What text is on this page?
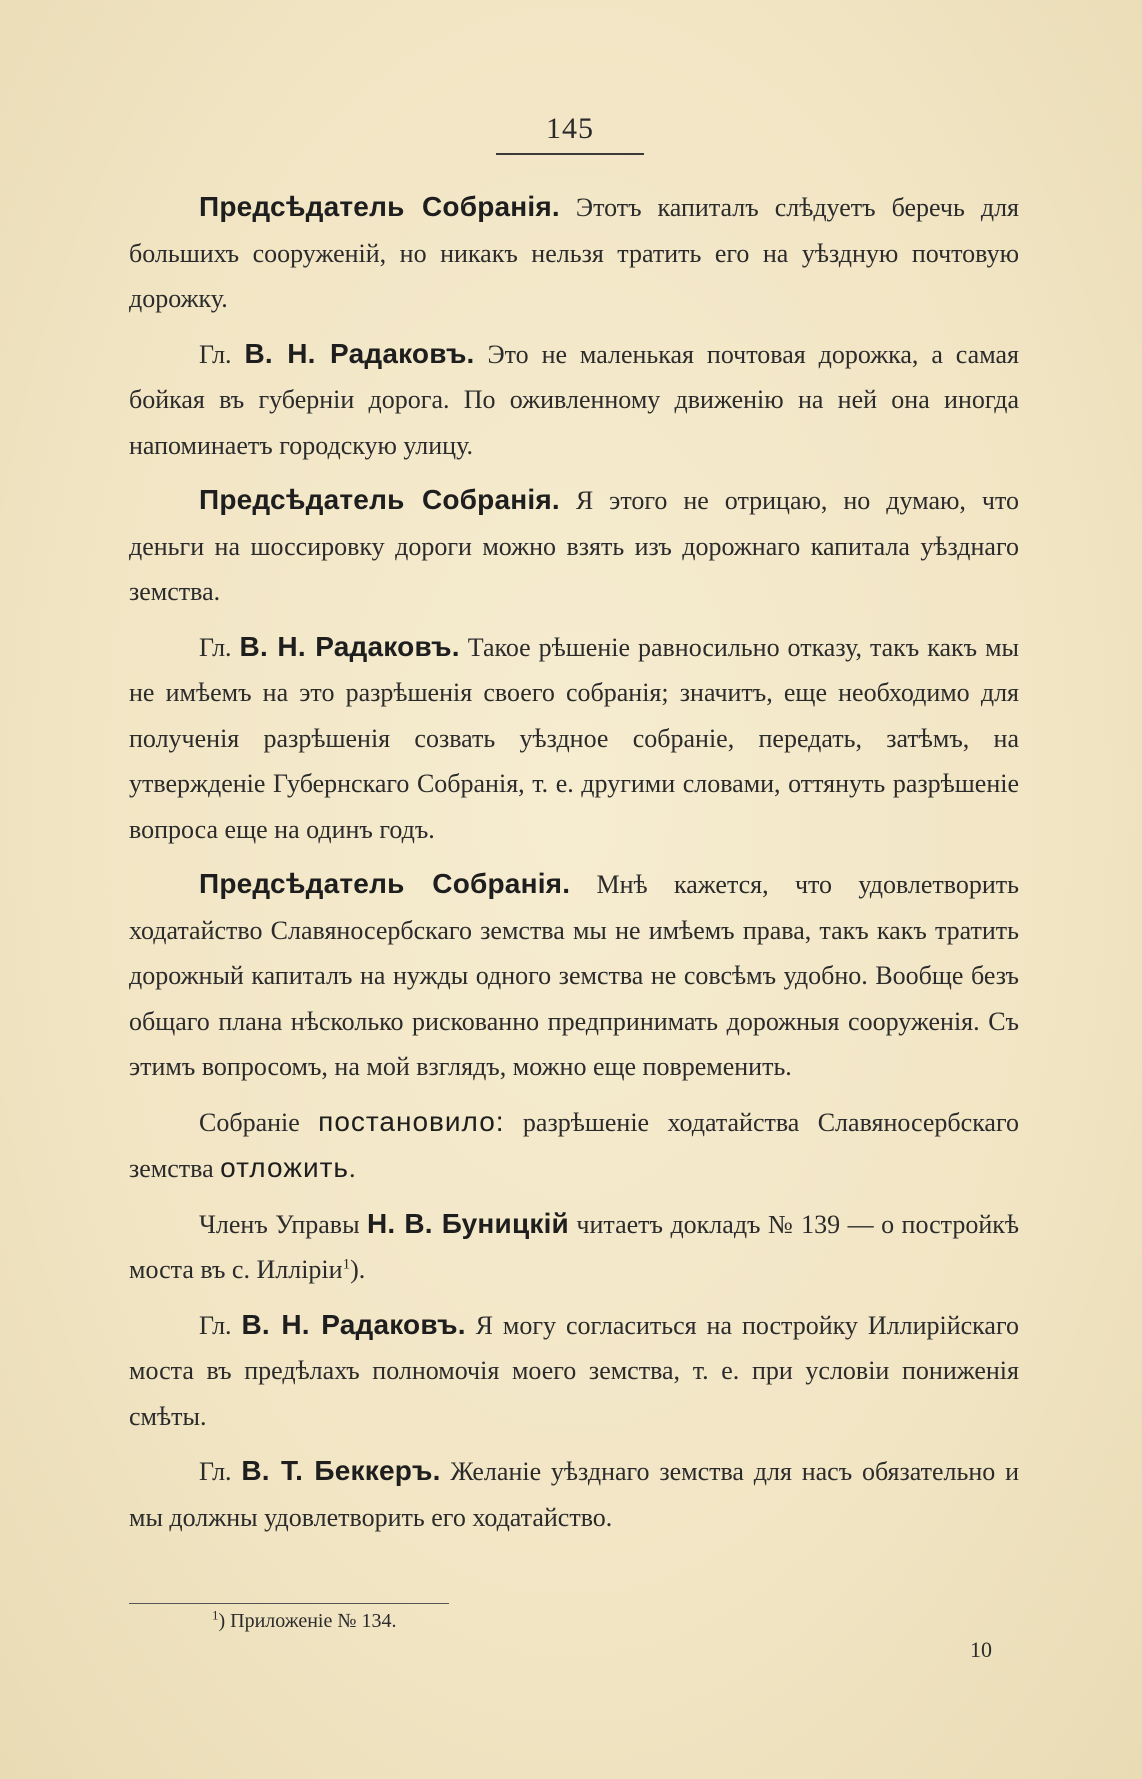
145

Предсѣдатель Собранія. Этотъ капиталъ слѣдуетъ беречь для большихъ сооруженій, но никакъ нельзя тратить его на уѣздную почтовую дорожку.

Гл. В. Н. Радаковъ. Это не маленькая почтовая дорожка, а самая бойкая въ губерніи дорога. По оживленному движенію на ней она иногда напоминаетъ городскую улицу.

Предсѣдатель Собранія. Я этого не отрицаю, но думаю, что деньги на шоссировку дороги можно взять изъ дорожнаго капитала уѣзднаго земства.

Гл. В. Н. Радаковъ. Такое рѣшеніе равносильно отказу, такъ какъ мы не имѣемъ на это разрѣшенія своего собранія; значитъ, еще необходимо для полученія разрѣшенія созвать уѣздное собраніе, передать, затѣмъ, на утвержденіе Губернскаго Собранія, т. е. другими словами, оттянуть разрѣшеніе вопроса еще на одинъ годъ.

Предсѣдатель Собранія. Мнѣ кажется, что удовлетворить ходатайство Славяносербскаго земства мы не имѣемъ права, такъ какъ тратить дорожный капиталъ на нужды одного земства не совсѣмъ удобно. Вообще безъ общаго плана нѣсколько рискованно предпринимать дорожныя сооруженія. Съ этимъ вопросомъ, на мой взглядъ, можно еще повременить.

Собраніе постановило: разрѣшеніе ходатайства Славяносербскаго земства отложить.

Членъ Управы Н. В. Буницкій читаетъ докладъ № 139 — о постройкѣ моста въ с. Илліріи$^1$).

Гл. В. Н. Радаковъ. Я могу согласиться на постройку Иллирійскаго моста въ предѣлахъ полномочія моего земства, т. е. при условіи пониженія смѣты.

Гл. В. Т. Беккеръ. Желаніе уѣзднаго земства для насъ обязательно и мы должны удовлетворить его ходатайство.

$^1$) Приложеніе № 134.
10
